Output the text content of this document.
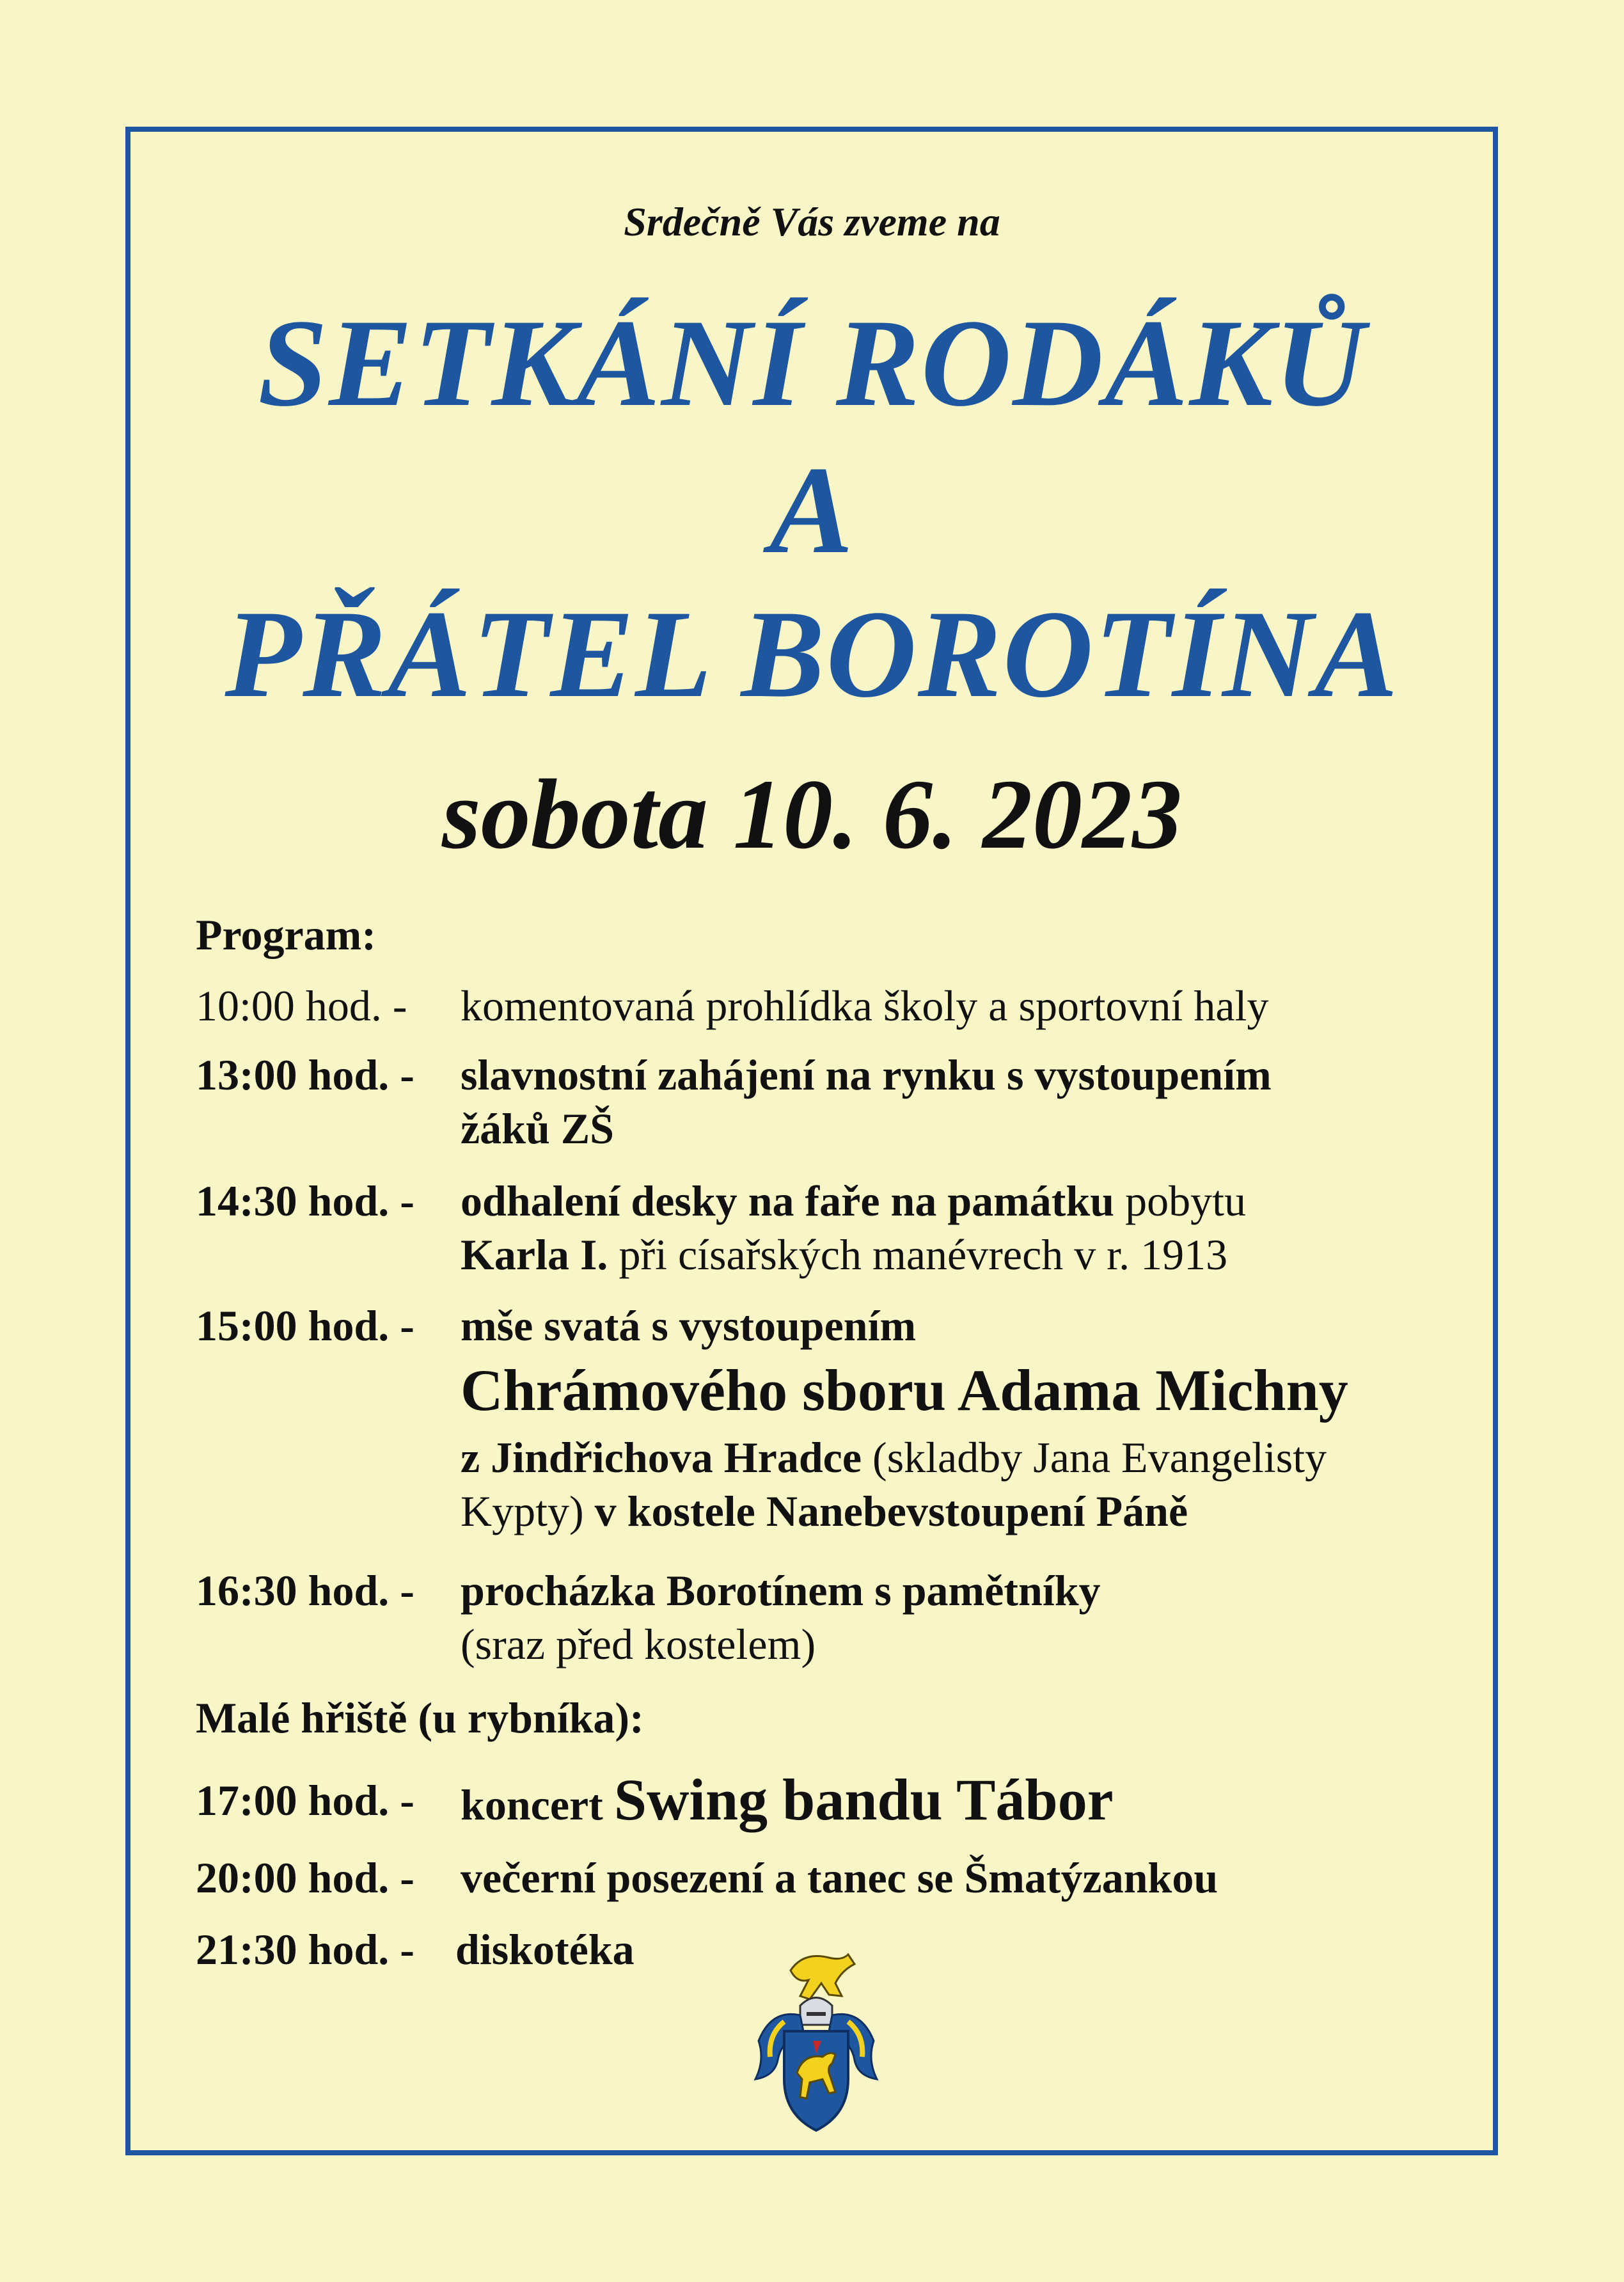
Srdečně Vás zveme na
SETKÁNÍ RODÁKŮ
A
PŘÁTEL BOROTÍNA
sobota 10. 6. 2023
Program:
10:00 hod. - komentovaná prohlídka školy a sportovní haly
13:00 hod. - slavnostní zahájení na rynku s vystoupením
žáků ZŠ
14:30 hod. - odhalení desky na faře na památku pobytu
Karla I. při císařských manévrech v r. 1913
15:00 hod. - mše svatá s vystoupením
Chrámového sboru Adama Michny
z Jindřichova Hradce (skladby Jana Evangelisty
Kypty) v kostele Nanebevstoupení Páně
16:30 hod. - procházka Borotínem s pamětníky
(sraz před kostelem)
Malé hřiště (u rybníka):
17:00 hod. - koncert Swing bandu Tábor
20:00 hod. - večerní posezení a tanec se Šmatýzankou
21:30 hod. - diskotéka
